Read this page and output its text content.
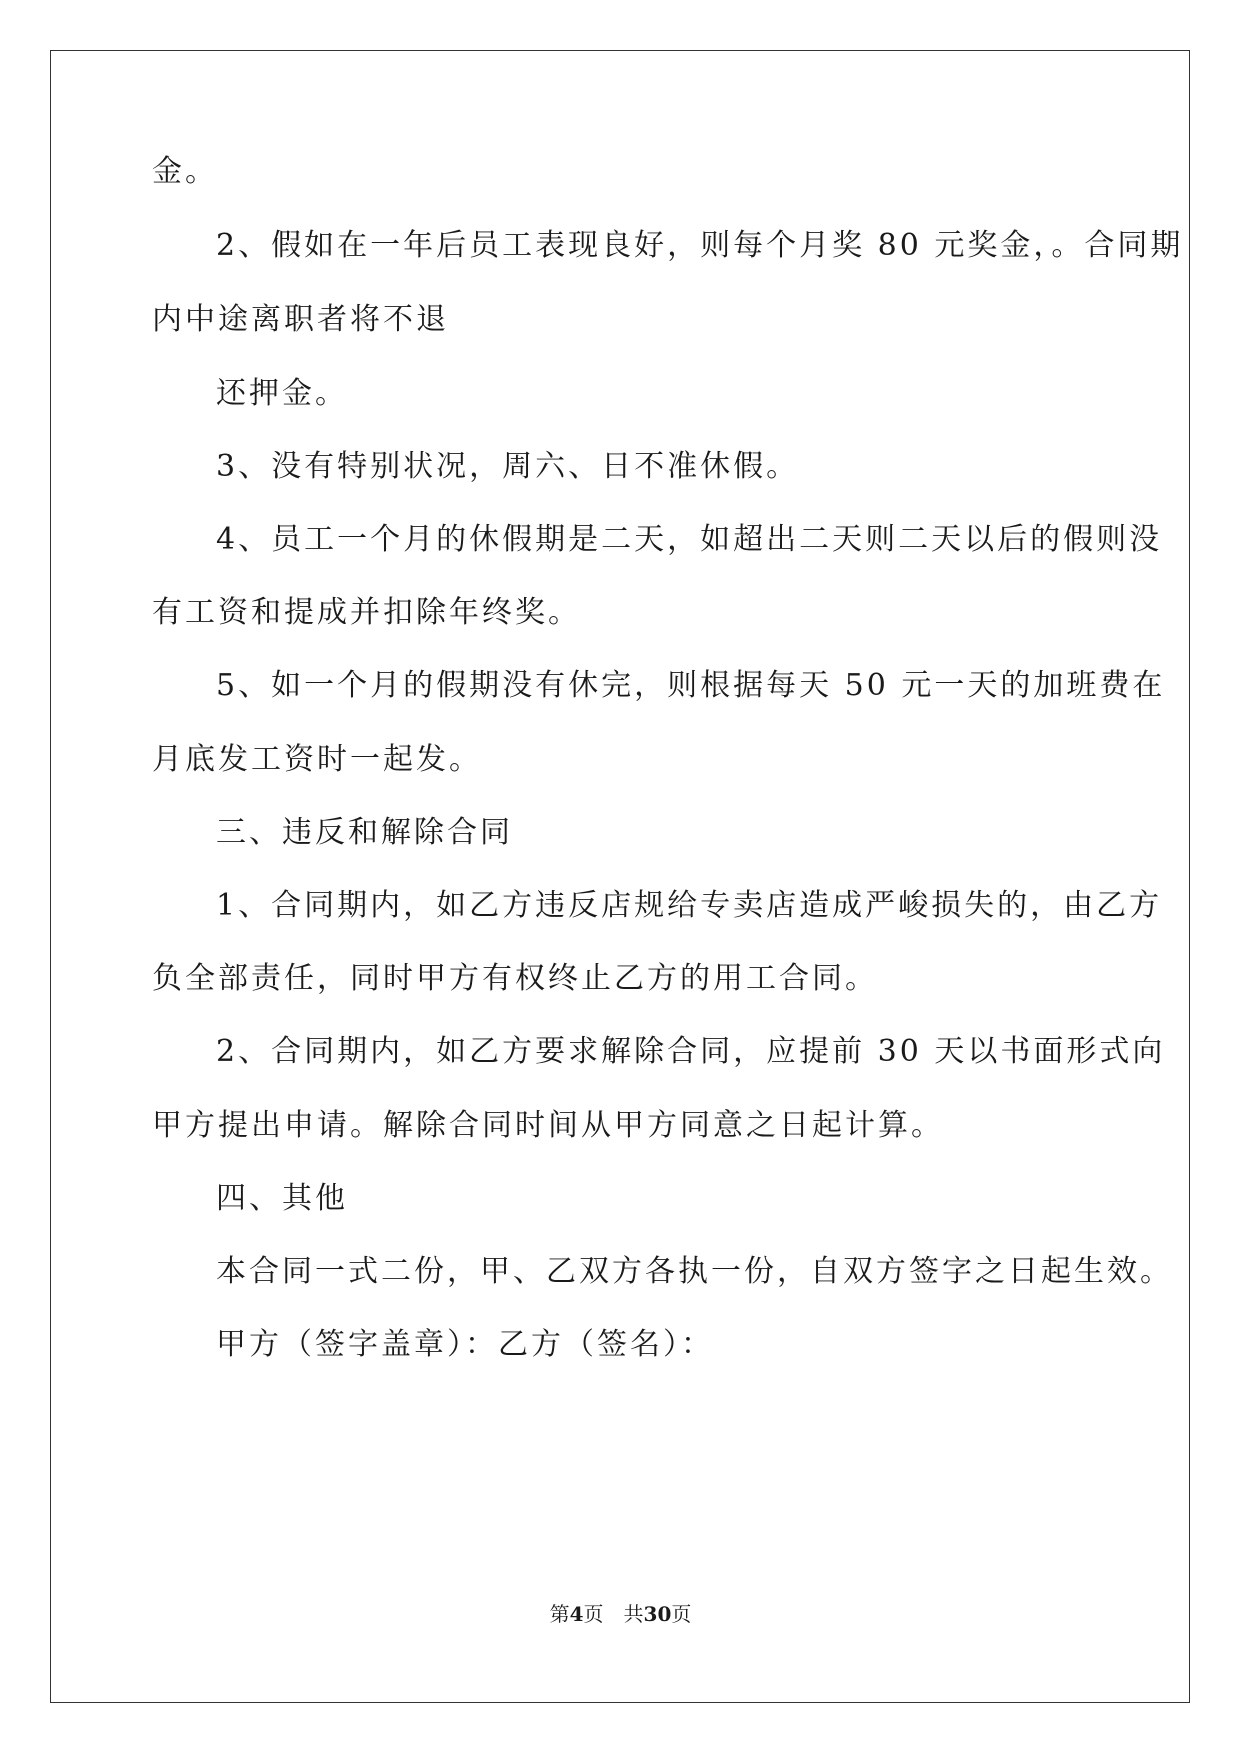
金。
2、假如在一年后员工表现良好，则每个月奖 80 元奖金，。合同期
内中途离职者将不退
还押金。
3、没有特别状况，周六、日不准休假。
4、员工一个月的休假期是二天，如超出二天则二天以后的假则没
有工资和提成并扣除年终奖。
5、如一个月的假期没有休完，则根据每天 50 元一天的加班费在
月底发工资时一起发。
三、违反和解除合同
1、合同期内，如乙方违反店规给专卖店造成严峻损失的，由乙方
负全部责任，同时甲方有权终止乙方的用工合同。
2、合同期内，如乙方要求解除合同，应提前 30 天以书面形式向
甲方提出申请。解除合同时间从甲方同意之日起计算。
四、其他
本合同一式二份，甲、乙双方各执一份，自双方签字之日起生效。
甲方（签字盖章）：乙方（签名）：
第4页 共30页
